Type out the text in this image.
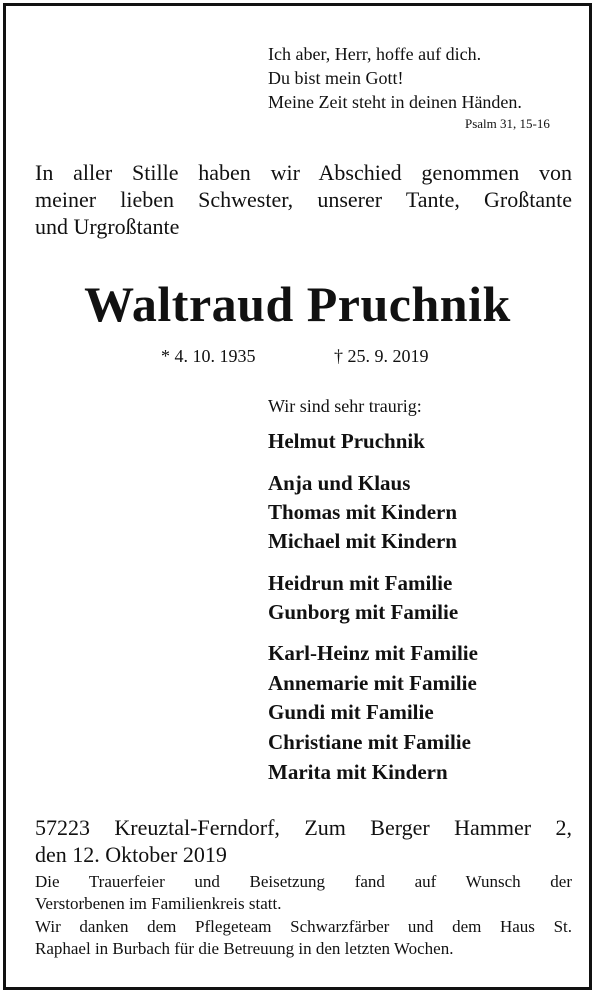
Ich aber, Herr, hoffe auf dich.
Du bist mein Gott!
Meine Zeit steht in deinen Händen.
Psalm 31, 15-16
In aller Stille haben wir Abschied genommen von
meiner lieben Schwester, unserer Tante, Großtante
und Urgroßtante
Waltraud Pruchnik
* 4. 10. 1935	† 25. 9. 2019
Wir sind sehr traurig:
Helmut Pruchnik
Anja und Klaus
Thomas mit Kindern
Michael mit Kindern
Heidrun mit Familie
Gunborg mit Familie
Karl-Heinz mit Familie
Annemarie mit Familie
Gundi mit Familie
Christiane mit Familie
Marita mit Kindern
57223 Kreuztal-Ferndorf, Zum Berger Hammer 2,
den 12. Oktober 2019
Die Trauerfeier und Beisetzung fand auf Wunsch der
Verstorbenen im Familienkreis statt.
Wir danken dem Pflegeteam Schwarzfärber und dem Haus St.
Raphael in Burbach für die Betreuung in den letzten Wochen.
